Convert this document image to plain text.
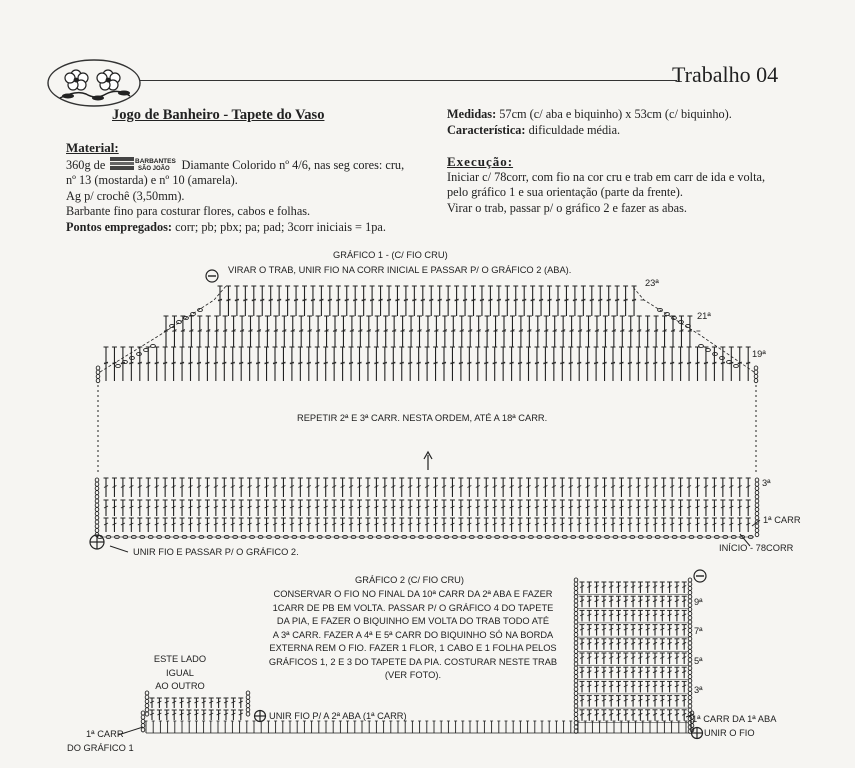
Trabalho 04
Jogo de Banheiro - Tapete do Vaso
Material:
360g de	BARBANTES
SÃO JOÃO Diamante Colorido nº 4/6, nas seg cores: cru,
nº 13 (mostarda) e nº 10 (amarela).
Ag p/ crochê (3,50mm).
Barbante fino para costurar flores, cabos e folhas.
Pontos empregados: corr; pb; pbx; pa; pad; 3corr iniciais = 1pa.
Medidas: 57cm (c/ aba e biquinho) x 53cm (c/ biquinho).
Característica: dificuldade média.
Execução:
Iniciar c/ 78corr, com fio na cor cru e trab em carr de ida e volta,
pelo gráfico 1 e sua orientação (parte da frente).
Virar o trab, passar p/ o gráfico 2 e fazer as abas.
GRÁFICO 1 - (C/ FIO CRU)
VIRAR O TRAB, UNIR FIO NA CORR INICIAL E PASSAR P/ O GRÁFICO 2 (ABA).
REPETIR 2ª E 3ª CARR. NESTA ORDEM, ATÉ A 18ª CARR.
23ª
21ª
19ª
3ª
1ª CARR
INÍCIO - 78CORR
UNIR FIO E PASSAR P/ O GRÁFICO 2.
GRÁFICO 2 (C/ FIO CRU)
CONSERVAR O FIO NO FINAL DA 10ª CARR DA 2ª ABA E FAZER
1CARR DE PB EM VOLTA. PASSAR P/ O GRÁFICO 4 DO TAPETE
DA PIA, E FAZER O BIQUINHO EM VOLTA DO TRAB TODO ATÉ
A 3ª CARR. FAZER A 4ª E 5ª CARR DO BIQUINHO SÓ NA BORDA
EXTERNA REM O FIO. FAZER 1 FLOR, 1 CABO E 1 FOLHA PELOS
GRÁFICOS 1, 2 E 3 DO TAPETE DA PIA. COSTURAR NESTE TRAB
(VER FOTO).
ESTE LADO IGUAL
AO OUTRO
UNIR FIO P/ A 2ª ABA (1ª CARR)
9ª
7ª
5ª
3ª
1ª CARR DA 1ª ABA
UNIR O FIO
1ª CARR
DO GRÁFICO 1
